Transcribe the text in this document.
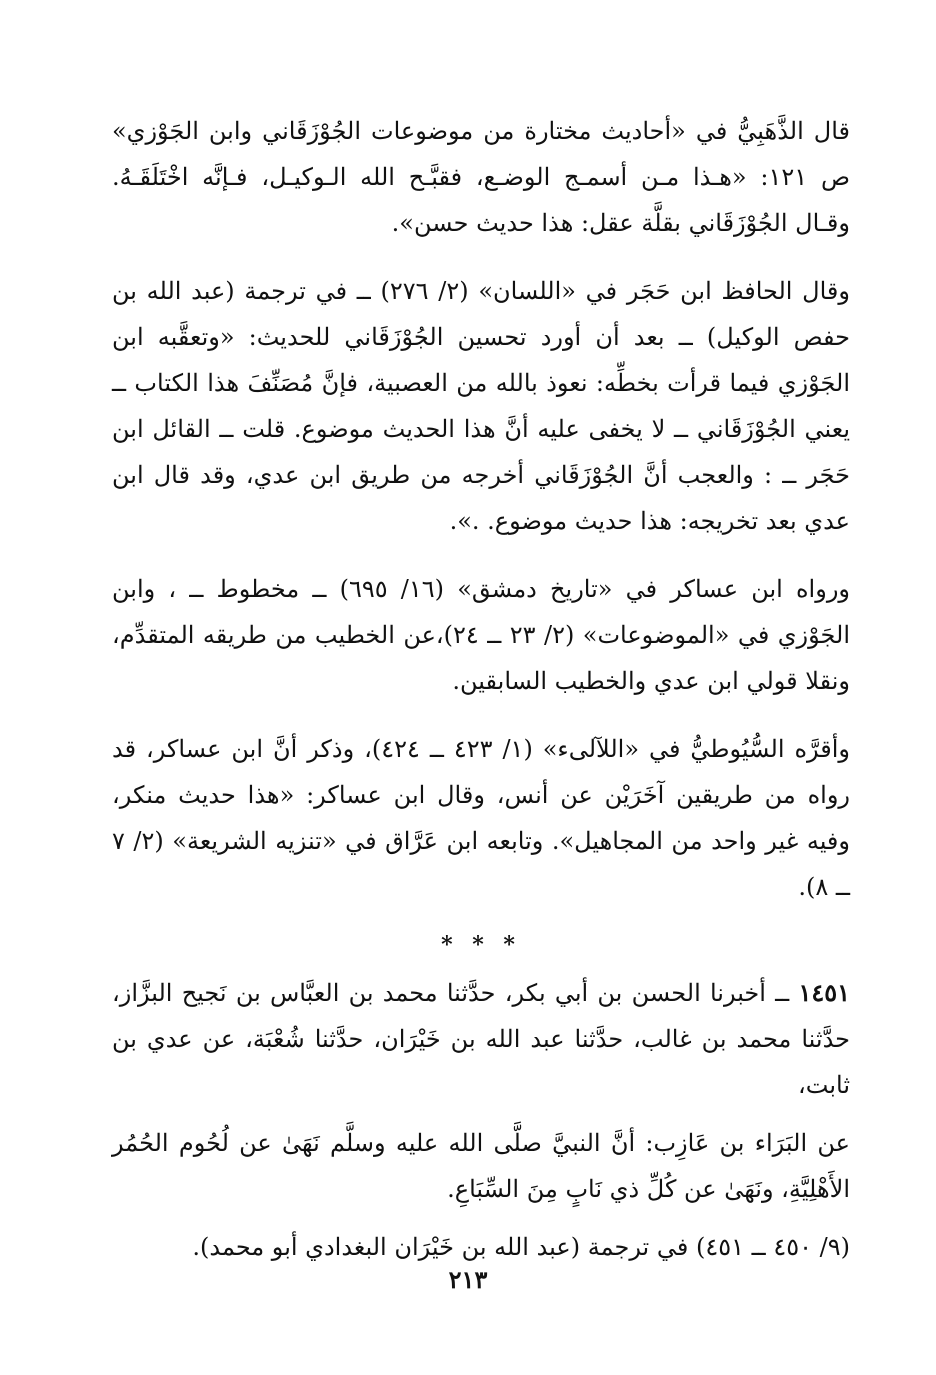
قال الذَّهَبِيُّ في «أحاديث مختارة من موضوعات الجُوْزَقَاني وابن الجَوْزي» ص ١٢١: «هـذا مـن أسمـج الوضـع، فقبَّـح الله الـوكيـل، فـإنَّه اخْتَلَقَـهُ. وقـال الجُوْزَقَاني بقلَّة عقل: هذا حديث حسن».

وقال الحافظ ابن حَجَر في «اللسان» (٢/ ٢٧٦) ــ في ترجمة (عبد الله بن حفص الوكيل) ــ بعد أن أورد تحسين الجُوْزَقَاني للحديث: «وتعقَّبه ابن الجَوْزي فيما قرأت بخطِّه: نعوذ بالله من العصبية، فإنَّ مُصَنِّفَ هذا الكتاب ــ يعني الجُوْزَقَاني ــ لا يخفى عليه أنَّ هذا الحديث موضوع. قلت ــ القائل ابن حَجَر ــ : والعجب أنَّ الجُوْزَقَاني أخرجه من طريق ابن عدي، وقد قال ابن عدي بعد تخريجه: هذا حديث موضوع. .».

ورواه ابن عساكر في «تاريخ دمشق» (١٦/ ٦٩٥) ــ مخطوط ــ ، وابن الجَوْزي في «الموضوعات» (٢/ ٢٣ ــ ٢٤)،عن الخطيب من طريقه المتقدِّم، ونقلا قولي ابن عدي والخطيب السابقين.

وأقرَّه السُّيُوطيُّ في «اللآلىء» (١/ ٤٢٣ ــ ٤٢٤)، وذكر أنَّ ابن عساكر، قد رواه من طريقين آخَرَيْن عن أنس، وقال ابن عساكر: «هذا حديث منكر، وفيه غير واحد من المجاهيل». وتابعه ابن عَرَّاق في «تنزيه الشريعة» (٢/ ٧ ــ ٨).

* * *

١٤٥١ ــ أخبرنا الحسن بن أبي بكر، حدَّثنا محمد بن العبَّاس بن نَجيح البزَّاز، حدَّثنا محمد بن غالب، حدَّثنا عبد الله بن خَيْرَان، حدَّثنا شُعْبَة، عن عدي بن ثابت،

عن البَرَاء بن عَازِب: أنَّ النبيَّ صلَّى الله عليه وسلَّم نَهَىٰ عن لُحُوم الحُمُر الأَهْلِيَّةِ، ونَهَىٰ عن كُلِّ ذي نَابٍ مِنَ السِّبَاعِ.

(٩/ ٤٥٠ ــ ٤٥١) في ترجمة (عبد الله بن خَيْرَان البغدادي أبو محمد).

٢١٣
